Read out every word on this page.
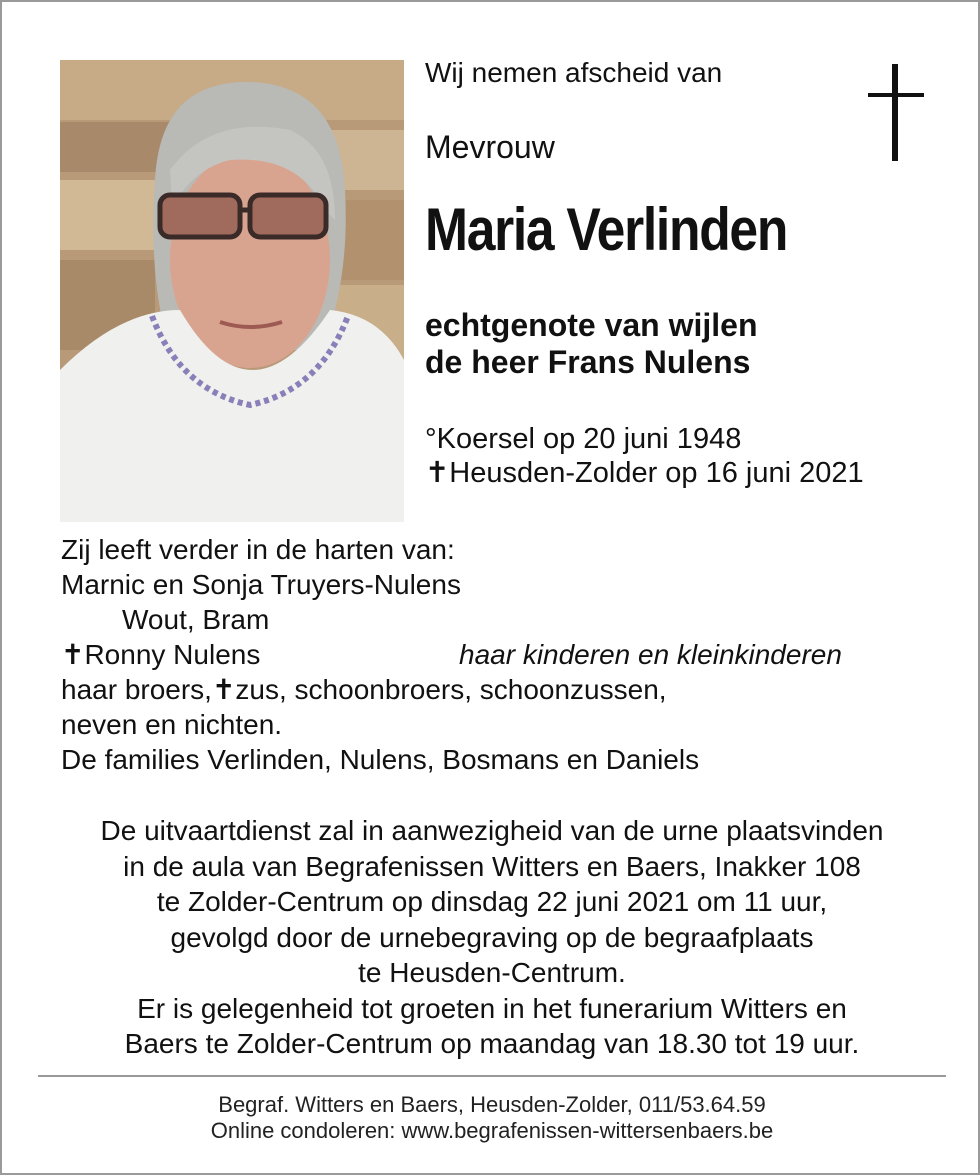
Wij nemen afscheid van
Mevrouw
Maria Verlinden
echtgenote van wijlen
de heer Frans Nulens
°Koersel op 20 juni 1948
✝Heusden-Zolder op 16 juni 2021
Zij leeft verder in de harten van:
Marnic en Sonja Truyers-Nulens
Wout, Bram
✝Ronny Nulens	haar kinderen en kleinkinderen
haar broers,✝zus, schoonbroers, schoonzussen,
neven en nichten.
De families Verlinden, Nulens, Bosmans en Daniels
De uitvaartdienst zal in aanwezigheid van de urne plaatsvinden
in de aula van Begrafenissen Witters en Baers, Inakker 108
te Zolder-Centrum op dinsdag 22 juni 2021 om 11 uur,
gevolgd door de urnebegraving op de begraafplaats
te Heusden-Centrum.
Er is gelegenheid tot groeten in het funerarium Witters en
Baers te Zolder-Centrum op maandag van 18.30 tot 19 uur.
Begraf. Witters en Baers, Heusden-Zolder, 011/53.64.59
Online condoleren: www.begrafenissen-wittersenbaers.be
